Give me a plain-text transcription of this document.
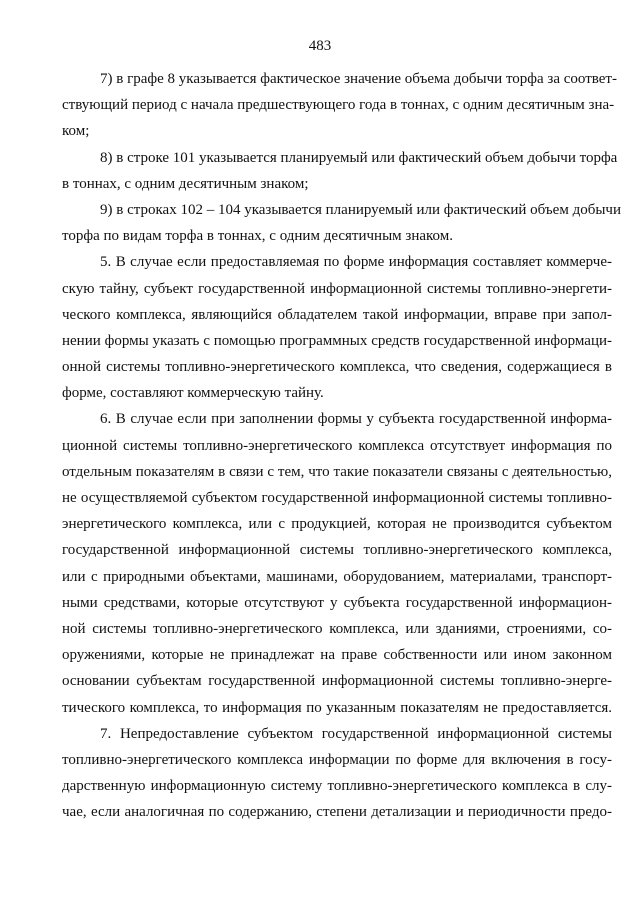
483
7) в графе 8 указывается фактическое значение объема добычи торфа за соответ-
ствующий период с начала предшествующего года в тоннах, с одним десятичным зна-
ком;
8) в строке 101 указывается планируемый или фактический объем добычи торфа
в тоннах, с одним десятичным знаком;
9) в строках 102 – 104 указывается планируемый или фактический объем добычи
торфа по видам торфа в тоннах, с одним десятичным знаком.
5. В случае если предоставляемая по форме информация составляет коммерче-
скую тайну, субъект государственной информационной системы топливно-энергети-
ческого комплекса, являющийся обладателем такой информации, вправе при запол-
нении формы указать с помощью программных средств государственной информаци-
онной системы топливно-энергетического комплекса, что сведения, содержащиеся в
форме, составляют коммерческую тайну.
6. В случае если при заполнении формы у субъекта государственной информа-
ционной системы топливно-энергетического комплекса отсутствует информация по
отдельным показателям в связи с тем, что такие показатели связаны с деятельностью,
не осуществляемой субъектом государственной информационной системы топливно-
энергетического комплекса, или с продукцией, которая не производится субъектом
государственной информационной системы топливно-энергетического комплекса,
или с природными объектами, машинами, оборудованием, материалами, транспорт-
ными средствами, которые отсутствуют у субъекта государственной информацион-
ной системы топливно-энергетического комплекса, или зданиями, строениями, со-
оружениями, которые не принадлежат на праве собственности или ином законном
основании субъектам государственной информационной системы топливно-энерге-
тического комплекса, то информация по указанным показателям не предоставляется.
7. Непредоставление субъектом государственной информационной системы
топливно-энергетического комплекса информации по форме для включения в госу-
дарственную информационную систему топливно-энергетического комплекса в слу-
чае, если аналогичная по содержанию, степени детализации и периодичности предо-
